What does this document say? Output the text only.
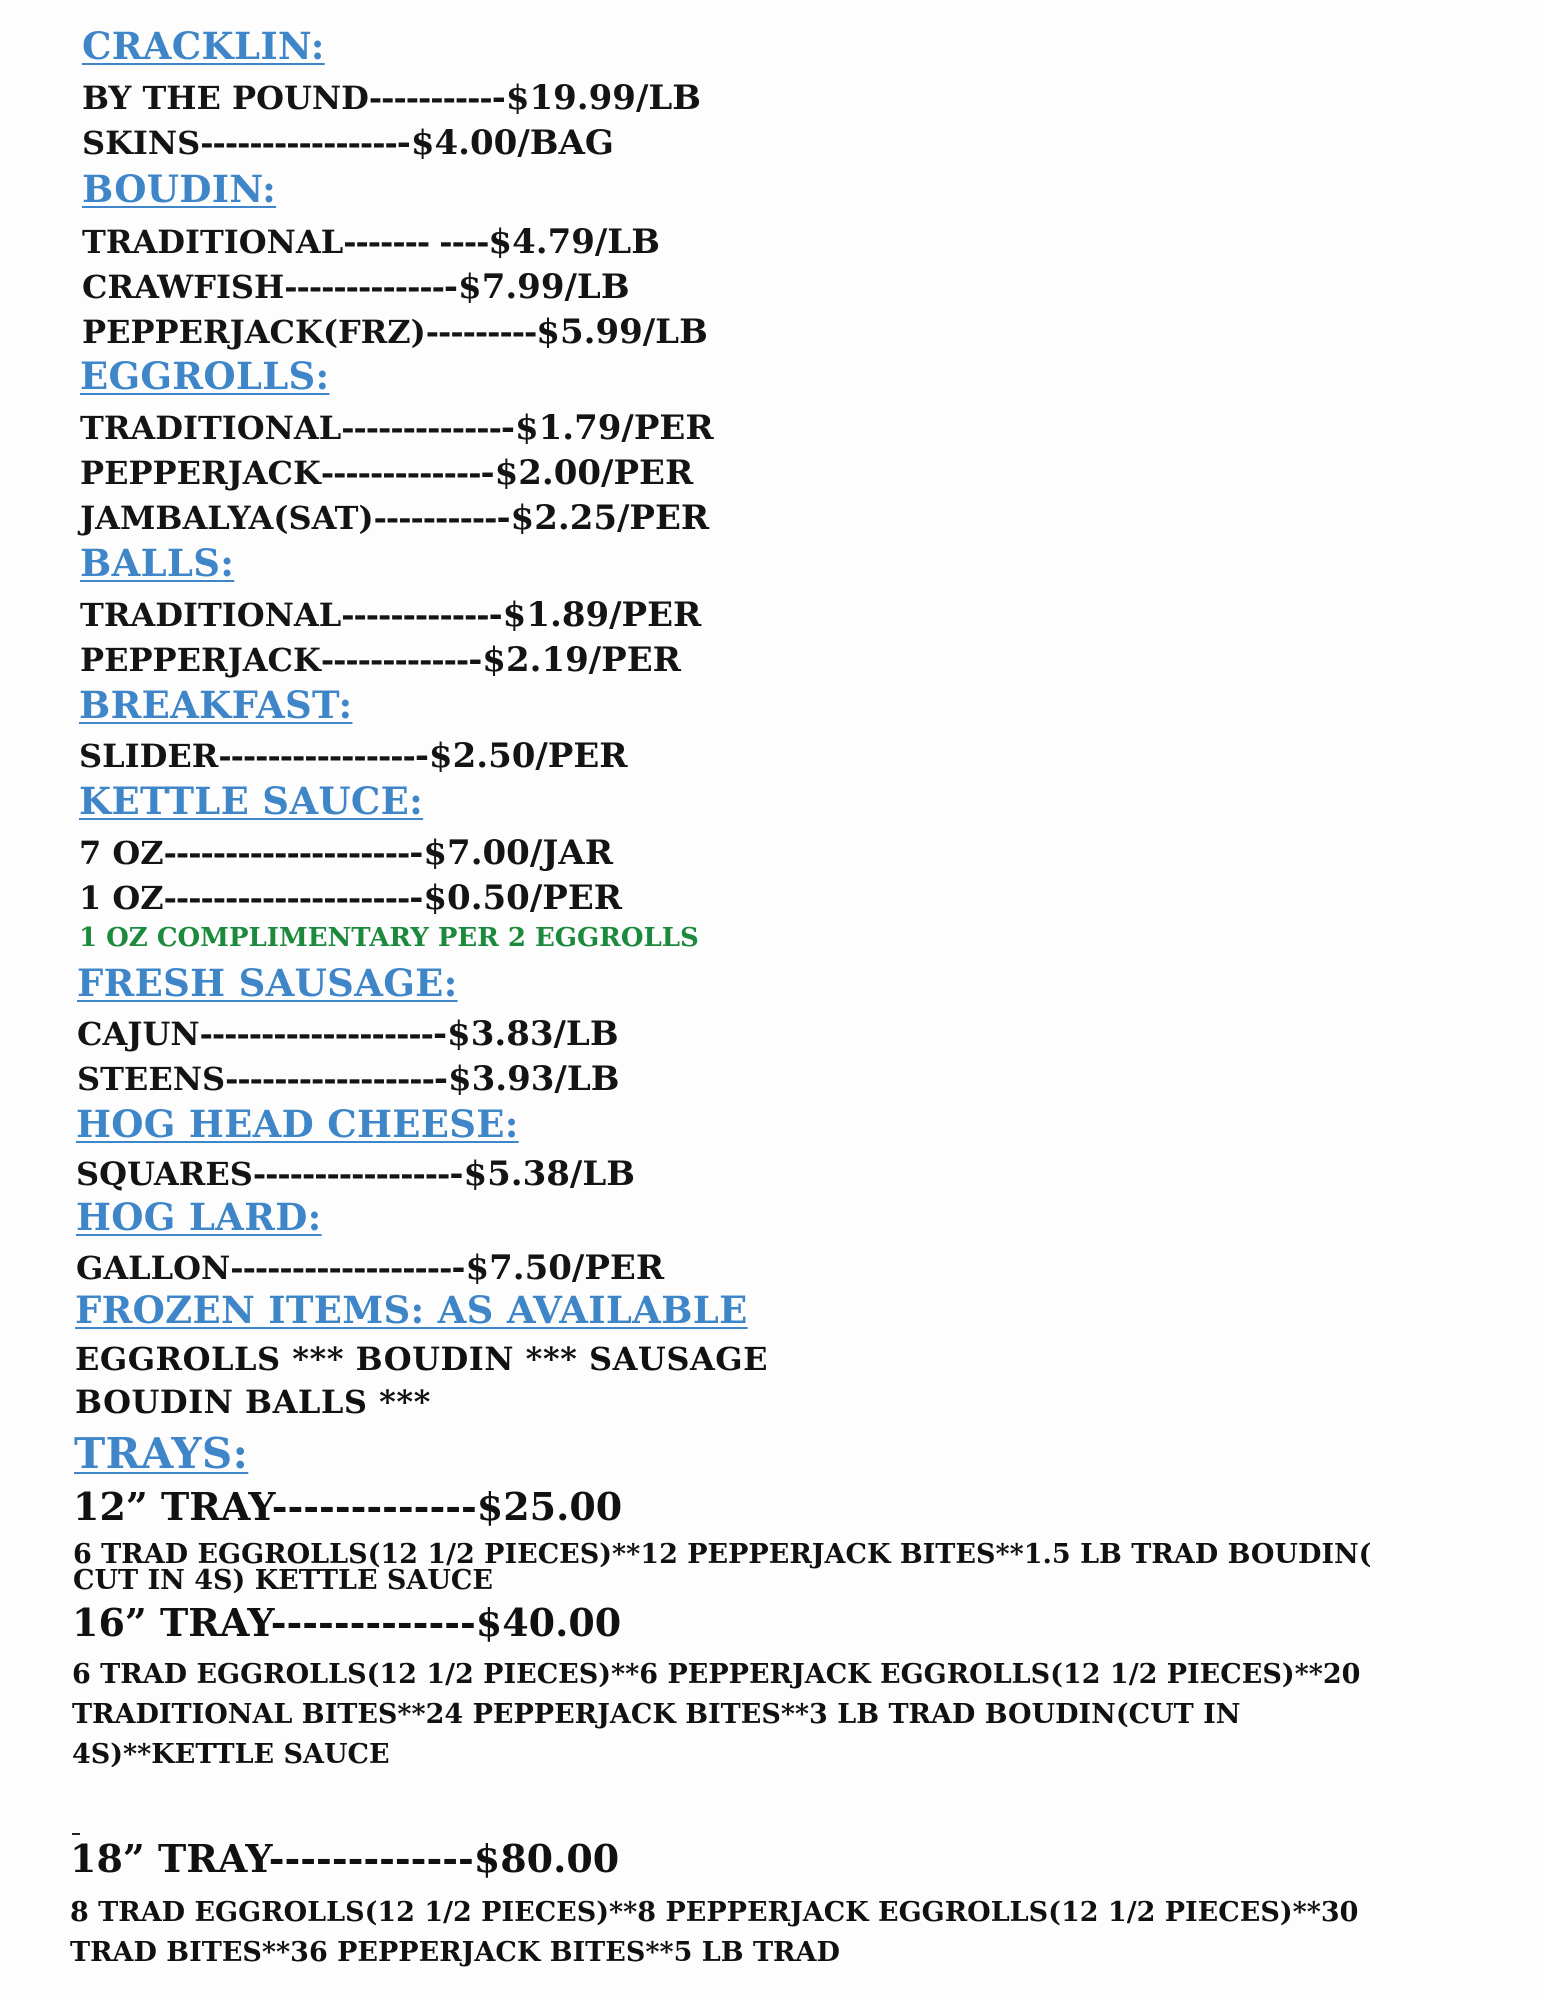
CRACKLIN:
BY THE POUND-----------$19.99/LB
SKINS-----------------$4.00/BAG
BOUDIN:
TRADITIONAL------- ----$4.79/LB
CRAWFISH--------------$7.99/LB
PEPPERJACK(FRZ)---------$5.99/LB
EGGROLLS:
TRADITIONAL--------------$1.79/PER
PEPPERJACK--------------$2.00/PER
JAMBALYA(SAT)-----------$2.25/PER
BALLS:
TRADITIONAL-------------$1.89/PER
PEPPERJACK-------------$2.19/PER
BREAKFAST:
SLIDER-----------------$2.50/PER
KETTLE SAUCE:
7 OZ---------------------$7.00/JAR
1 OZ---------------------$0.50/PER
1 OZ COMPLIMENTARY PER 2 EGGROLLS
FRESH SAUSAGE:
CAJUN--------------------$3.83/LB
STEENS------------------$3.93/LB
HOG HEAD CHEESE:
SQUARES-----------------$5.38/LB
HOG LARD:
GALLON-------------------$7.50/PER
FROZEN ITEMS: AS AVAILABLE
EGGROLLS *** BOUDIN *** SAUSAGE
BOUDIN BALLS ***
TRAYS:
12” TRAY-------------$25.00
6 TRAD EGGROLLS(12 1/2 PIECES)**12 PEPPERJACK BITES**1.5 LB TRAD BOUDIN( CUT IN 4S) KETTLE SAUCE
16” TRAY-------------$40.00
6 TRAD EGGROLLS(12 1/2 PIECES)**6 PEPPERJACK EGGROLLS(12 1/2 PIECES)**20 TRADITIONAL BITES**24 PEPPERJACK BITES**3 LB TRAD BOUDIN(CUT IN 4S)**KETTLE SAUCE
18” TRAY-------------$80.00
8 TRAD EGGROLLS(12 1/2 PIECES)**8 PEPPERJACK EGGROLLS(12 1/2 PIECES)**30 TRAD BITES**36 PEPPERJACK BITES**5 LB TRAD
